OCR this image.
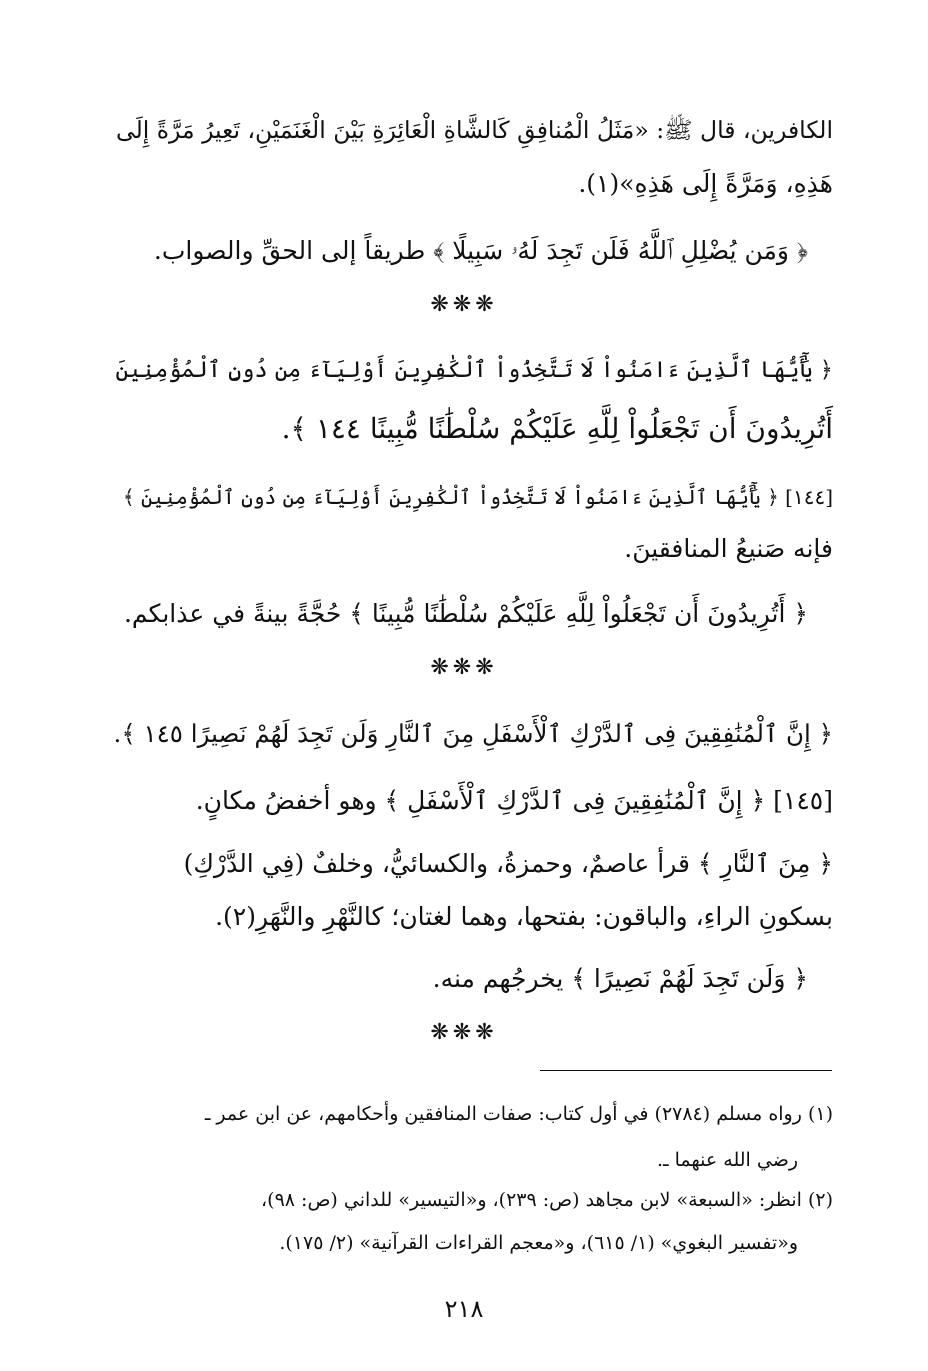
الكافرين، قال ﷺ: «مَثَلُ الْمُنافِقِ كَالشَّاةِ الْعَائِرَةِ بَيْنَ الْغَنَمَيْنِ، تَعِيرُ مَرَّةً إِلَى
هَذِهِ، وَمَرَّةً إِلَى هَذِهِ»(١).
﴿ وَمَن يُضْلِلِ ٱللَّهُ فَلَن تَجِدَ لَهُۥ سَبِيلًا ﴾ طريقاً إلى الحقِّ والصواب.
❋❋❋
﴿ يَٰٓأَيُّهَا ٱلَّذِينَ ءَامَنُواْ لَا تَتَّخِذُواْ ٱلْكَٰفِرِينَ أَوْلِيَآءَ مِن دُونِ ٱلْمُؤْمِنِينَ
أَتُرِيدُونَ أَن تَجْعَلُواْ لِلَّهِ عَلَيْكُمْ سُلْطَٰنًا مُّبِينًا ١٤٤ ﴾.
[١٤٤] ﴿ يَٰٓأَيُّهَا ٱلَّذِينَ ءَامَنُواْ لَا تَتَّخِذُواْ ٱلْكَٰفِرِينَ أَوْلِيَآءَ مِن دُونِ ٱلْمُؤْمِنِينَ ﴾
فإنه صَنيعُ المنافقينَ.
﴿ أَتُرِيدُونَ أَن تَجْعَلُواْ لِلَّهِ عَلَيْكُمْ سُلْطَٰنًا مُّبِينًا ﴾ حُجَّةً بينةً في عذابكم.
❋❋❋
﴿ إِنَّ ٱلْمُنَٰفِقِينَ فِى ٱلدَّرْكِ ٱلْأَسْفَلِ مِنَ ٱلنَّارِ وَلَن تَجِدَ لَهُمْ نَصِيرًا ١٤٥ ﴾.
[١٤٥] ﴿ إِنَّ ٱلْمُنَٰفِقِينَ فِى ٱلدَّرْكِ ٱلْأَسْفَلِ ﴾ وهو أخفضُ مكانٍ.
﴿ مِنَ ٱلنَّارِ ﴾ قرأ عاصمٌ، وحمزةُ، والكسائيُّ، وخلفٌ (فِي الدَّرْكِ)
بسكونِ الراءِ، والباقون: بفتحها، وهما لغتان؛ كالنَّهْرِ والنَّهَرِ(٢).
﴿ وَلَن تَجِدَ لَهُمْ نَصِيرًا ﴾ يخرجُهم منه.
❋❋❋
(١) رواه مسلم (٢٧٨٤) في أول كتاب: صفات المنافقين وأحكامهم، عن ابن عمر ـ
رضي الله عنهما ـ.
(٢) انظر: «السبعة» لابن مجاهد (ص: ٢٣٩)، و«التيسير» للداني (ص: ٩٨)،
و«تفسير البغوي» (١/ ٦١٥)، و«معجم القراءات القرآنية» (٢/ ١٧٥).
٢١٨
